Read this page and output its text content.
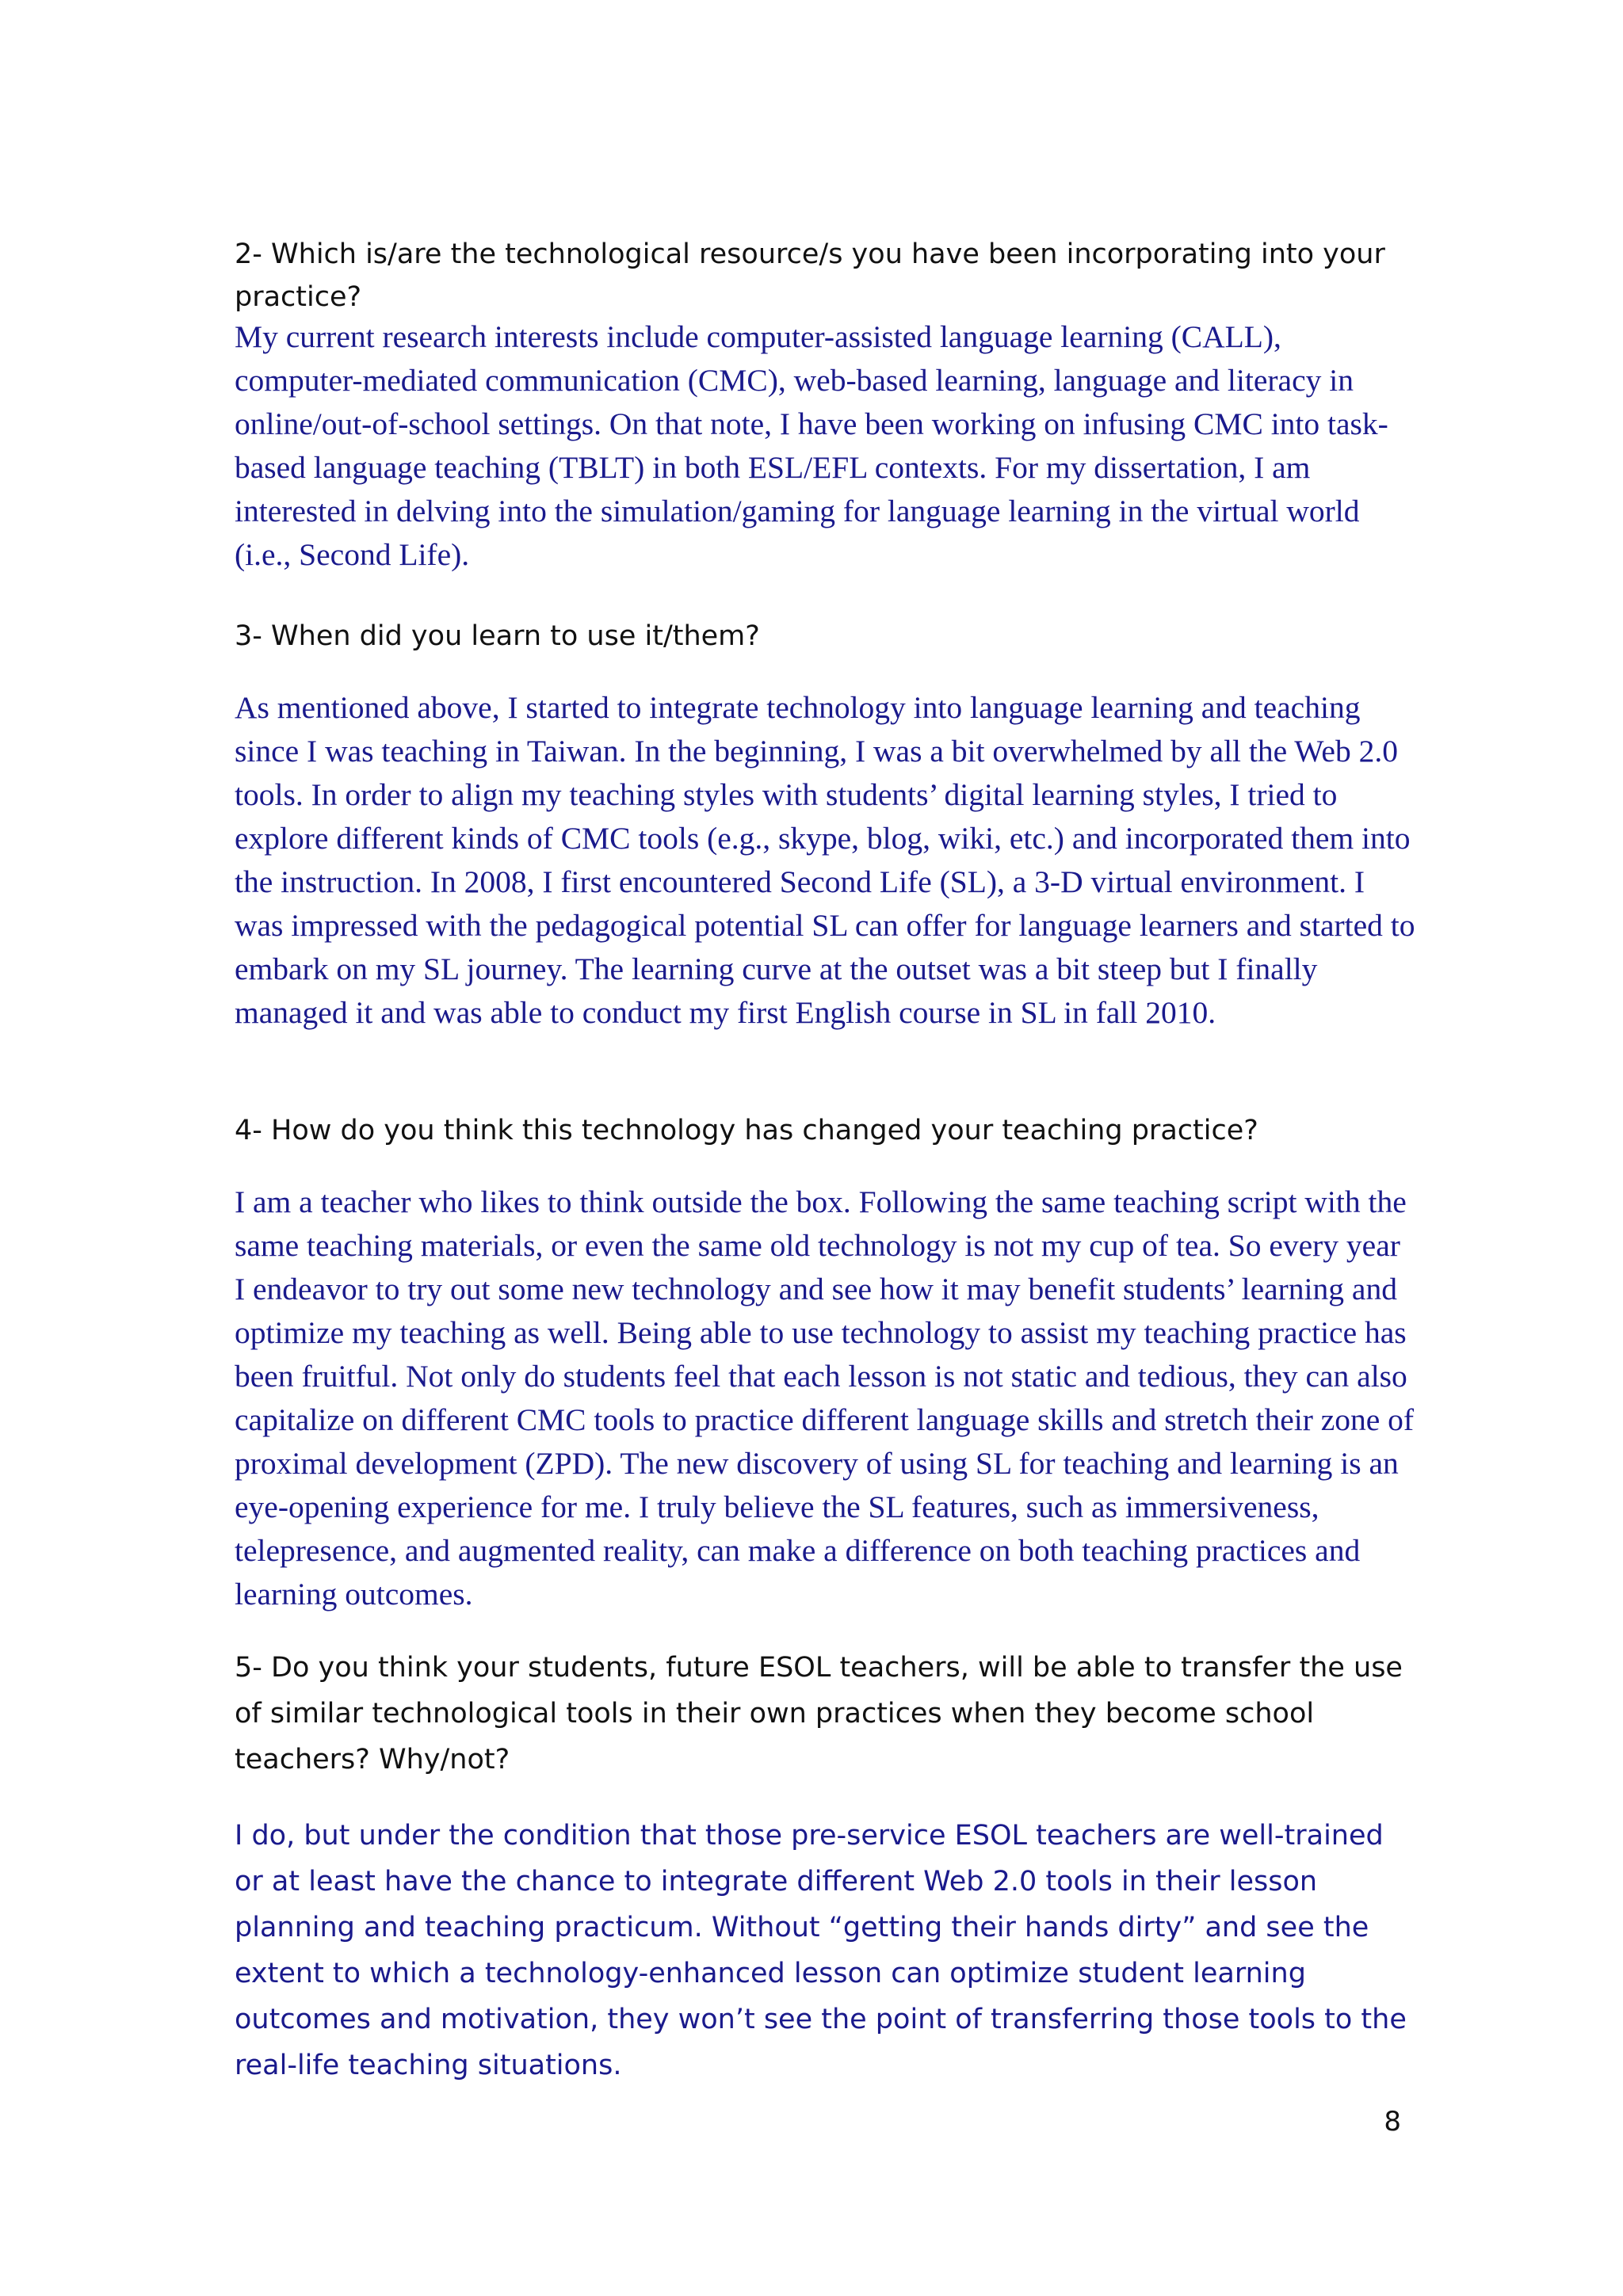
2- Which is/are the technological resource/s you have been incorporating into your practice?

My current research interests include computer-assisted language learning (CALL), computer-mediated communication (CMC), web-based learning, language and literacy in online/out-of-school settings. On that note, I have been working on infusing CMC into task-based language teaching (TBLT) in both ESL/EFL contexts. For my dissertation, I am interested in delving into the simulation/gaming for language learning in the virtual world (i.e., Second Life).

3- When did you learn to use it/them?

As mentioned above, I started to integrate technology into language learning and teaching since I was teaching in Taiwan. In the beginning, I was a bit overwhelmed by all the Web 2.0 tools. In order to align my teaching styles with students’ digital learning styles, I tried to explore different kinds of CMC tools (e.g., skype, blog, wiki, etc.) and incorporated them into the instruction. In 2008, I first encountered Second Life (SL), a 3-D virtual environment. I was impressed with the pedagogical potential SL can offer for language learners and started to embark on my SL journey. The learning curve at the outset was a bit steep but I finally managed it and was able to conduct my first English course in SL in fall 2010.

4- How do you think this technology has changed your teaching practice?

I am a teacher who likes to think outside the box. Following the same teaching script with the same teaching materials, or even the same old technology is not my cup of tea. So every year I endeavor to try out some new technology and see how it may benefit students’ learning and optimize my teaching as well. Being able to use technology to assist my teaching practice has been fruitful. Not only do students feel that each lesson is not static and tedious, they can also capitalize on different CMC tools to practice different language skills and stretch their zone of proximal development (ZPD). The new discovery of using SL for teaching and learning is an eye-opening experience for me. I truly believe the SL features, such as immersiveness, telepresence, and augmented reality, can make a difference on both teaching practices and learning outcomes.

5- Do you think your students, future ESOL teachers, will be able to transfer the use of similar technological tools in their own practices when they become school teachers? Why/not?

I do, but under the condition that those pre-service ESOL teachers are well-trained or at least have the chance to integrate different Web 2.0 tools in their lesson planning and teaching practicum. Without “getting their hands dirty” and see the extent to which a technology-enhanced lesson can optimize student learning outcomes and motivation, they won’t see the point of transferring those tools to the real-life teaching situations.

8
